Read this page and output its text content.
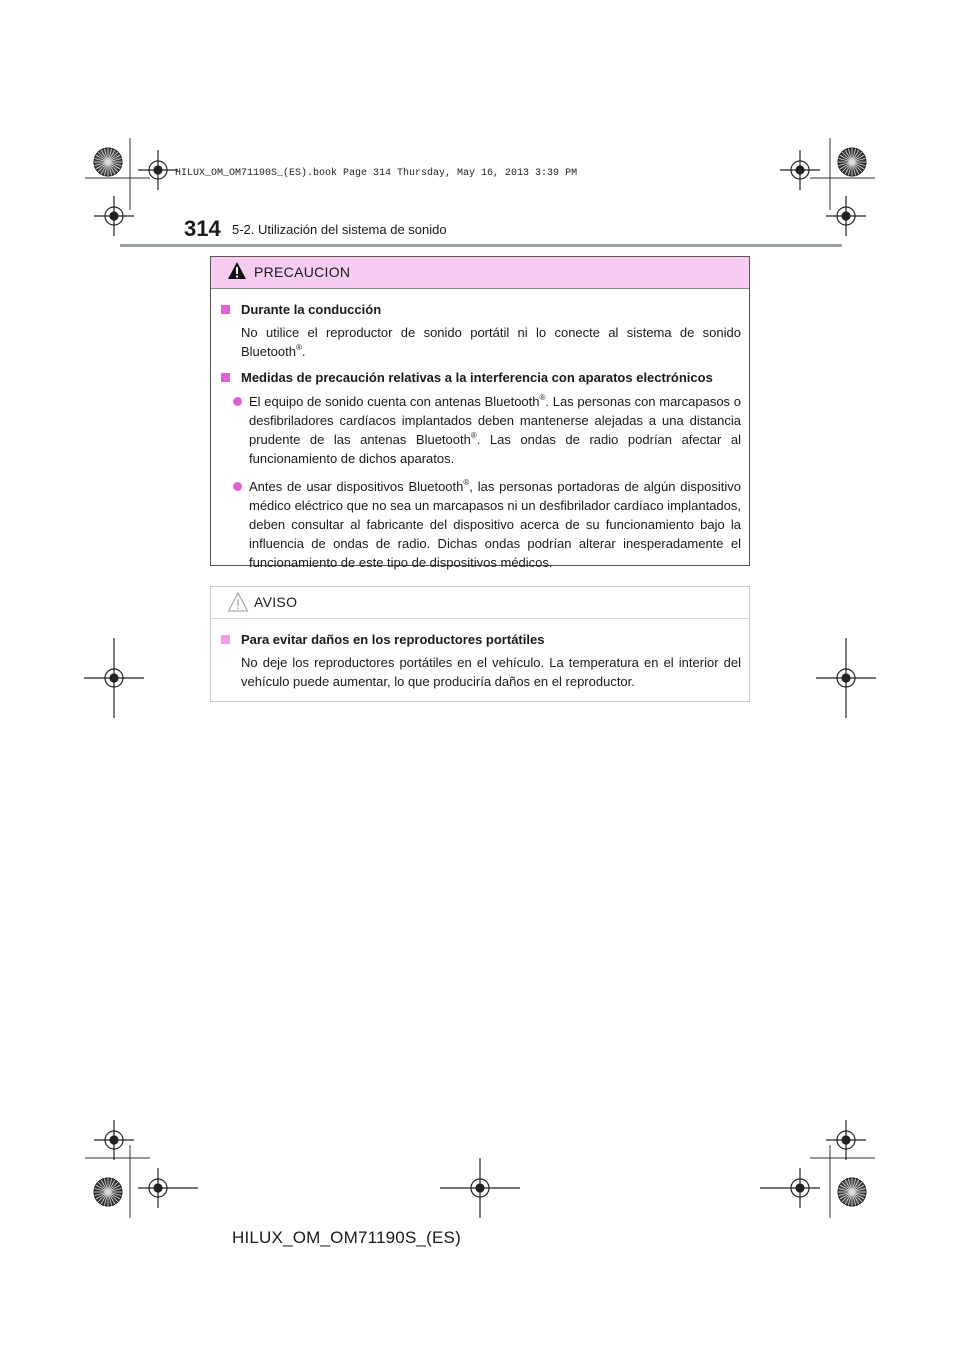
HILUX_OM_OM71190S_(ES).book Page 314 Thursday, May 16, 2013 3:39 PM
314 5-2. Utilización del sistema de sonido
PRECAUCION
Durante la conducción
No utilice el reproductor de sonido portátil ni lo conecte al sistema de sonido Bluetooth®.
Medidas de precaución relativas a la interferencia con aparatos electrónicos
El equipo de sonido cuenta con antenas Bluetooth®. Las personas con marcapasos o desfibriladores cardíacos implantados deben mantenerse alejadas a una distancia prudente de las antenas Bluetooth®. Las ondas de radio podrían afectar al funcionamiento de dichos aparatos.
Antes de usar dispositivos Bluetooth®, las personas portadoras de algún dispositivo médico eléctrico que no sea un marcapasos ni un desfibrilador cardíaco implantados, deben consultar al fabricante del dispositivo acerca de su funcionamiento bajo la influencia de ondas de radio. Dichas ondas podrían alterar inesperadamente el funcionamiento de este tipo de dispositivos médicos.
AVISO
Para evitar daños en los reproductores portátiles
No deje los reproductores portátiles en el vehículo. La temperatura en el interior del vehículo puede aumentar, lo que produciría daños en el reproductor.
HILUX_OM_OM71190S_(ES)
